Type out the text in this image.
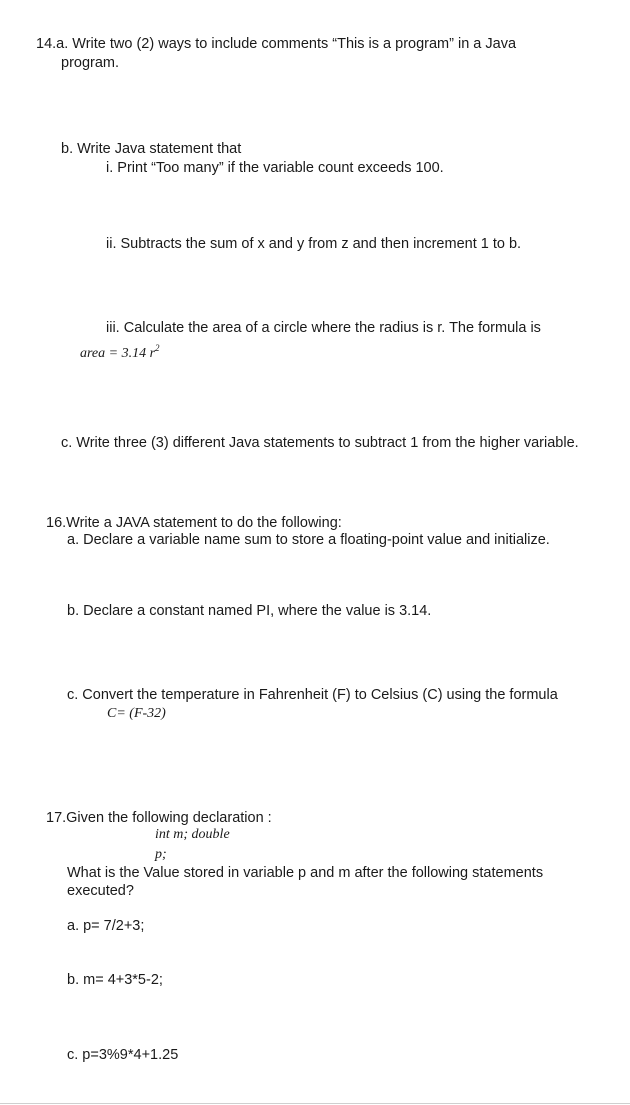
14.a. Write two (2) ways to include comments “This is a program” in a Java
program.
b. Write Java statement that
i. Print “Too many” if the variable count exceeds 100.
ii. Subtracts the sum of x and y from z and then increment 1 to b.
iii. Calculate the area of a circle where the radius is r. The formula is
area = 3.14 $r^2$
c. Write three (3) different Java statements to subtract 1 from the higher variable.
16.Write a JAVA statement to do the following:
a. Declare a variable name sum to store a floating-point value and initialize.
b. Declare a constant named PI, where the value is 3.14.
c. Convert the temperature in Fahrenheit (F) to Celsius (C) using the formula
C= (F-32)
17.Given the following declaration :
int m; double
p;
What is the Value stored in variable p and m after the following statements
executed?
a. p= 7/2+3;
b. m= 4+3*5-2;
c. p=3%9*4+1.25
